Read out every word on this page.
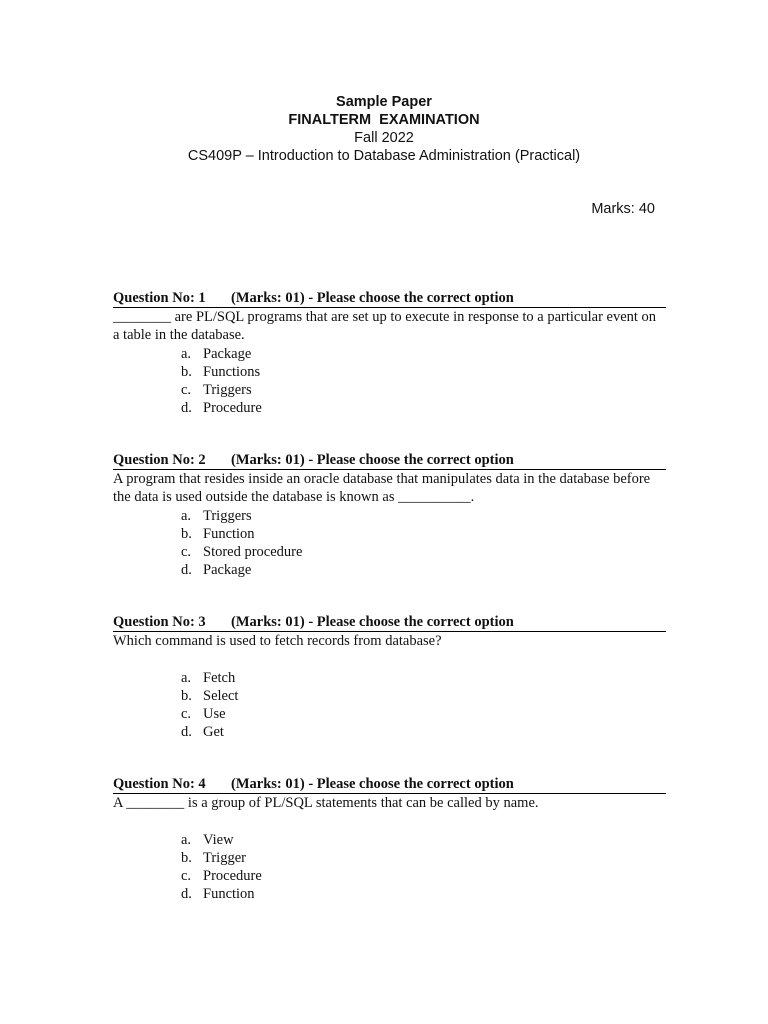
Sample Paper
FINALTERM  EXAMINATION
Fall 2022
CS409P – Introduction to Database Administration (Practical)
Marks: 40
Question No: 1 (Marks: 01) - Please choose the correct option
________ are PL/SQL programs that are set up to execute in response to a particular event on a table in the database.
a. Package
b. Functions
c. Triggers
d. Procedure
Question No: 2 (Marks: 01) - Please choose the correct option
A program that resides inside an oracle database that manipulates data in the database before the data is used outside the database is known as __________.
a. Triggers
b. Function
c. Stored procedure
d. Package
Question No: 3 (Marks: 01) - Please choose the correct option
Which command is used to fetch records from database?
a. Fetch
b. Select
c. Use
d. Get
Question No: 4 (Marks: 01) - Please choose the correct option
A ________ is a group of PL/SQL statements that can be called by name.
a. View
b. Trigger
c. Procedure
d. Function
